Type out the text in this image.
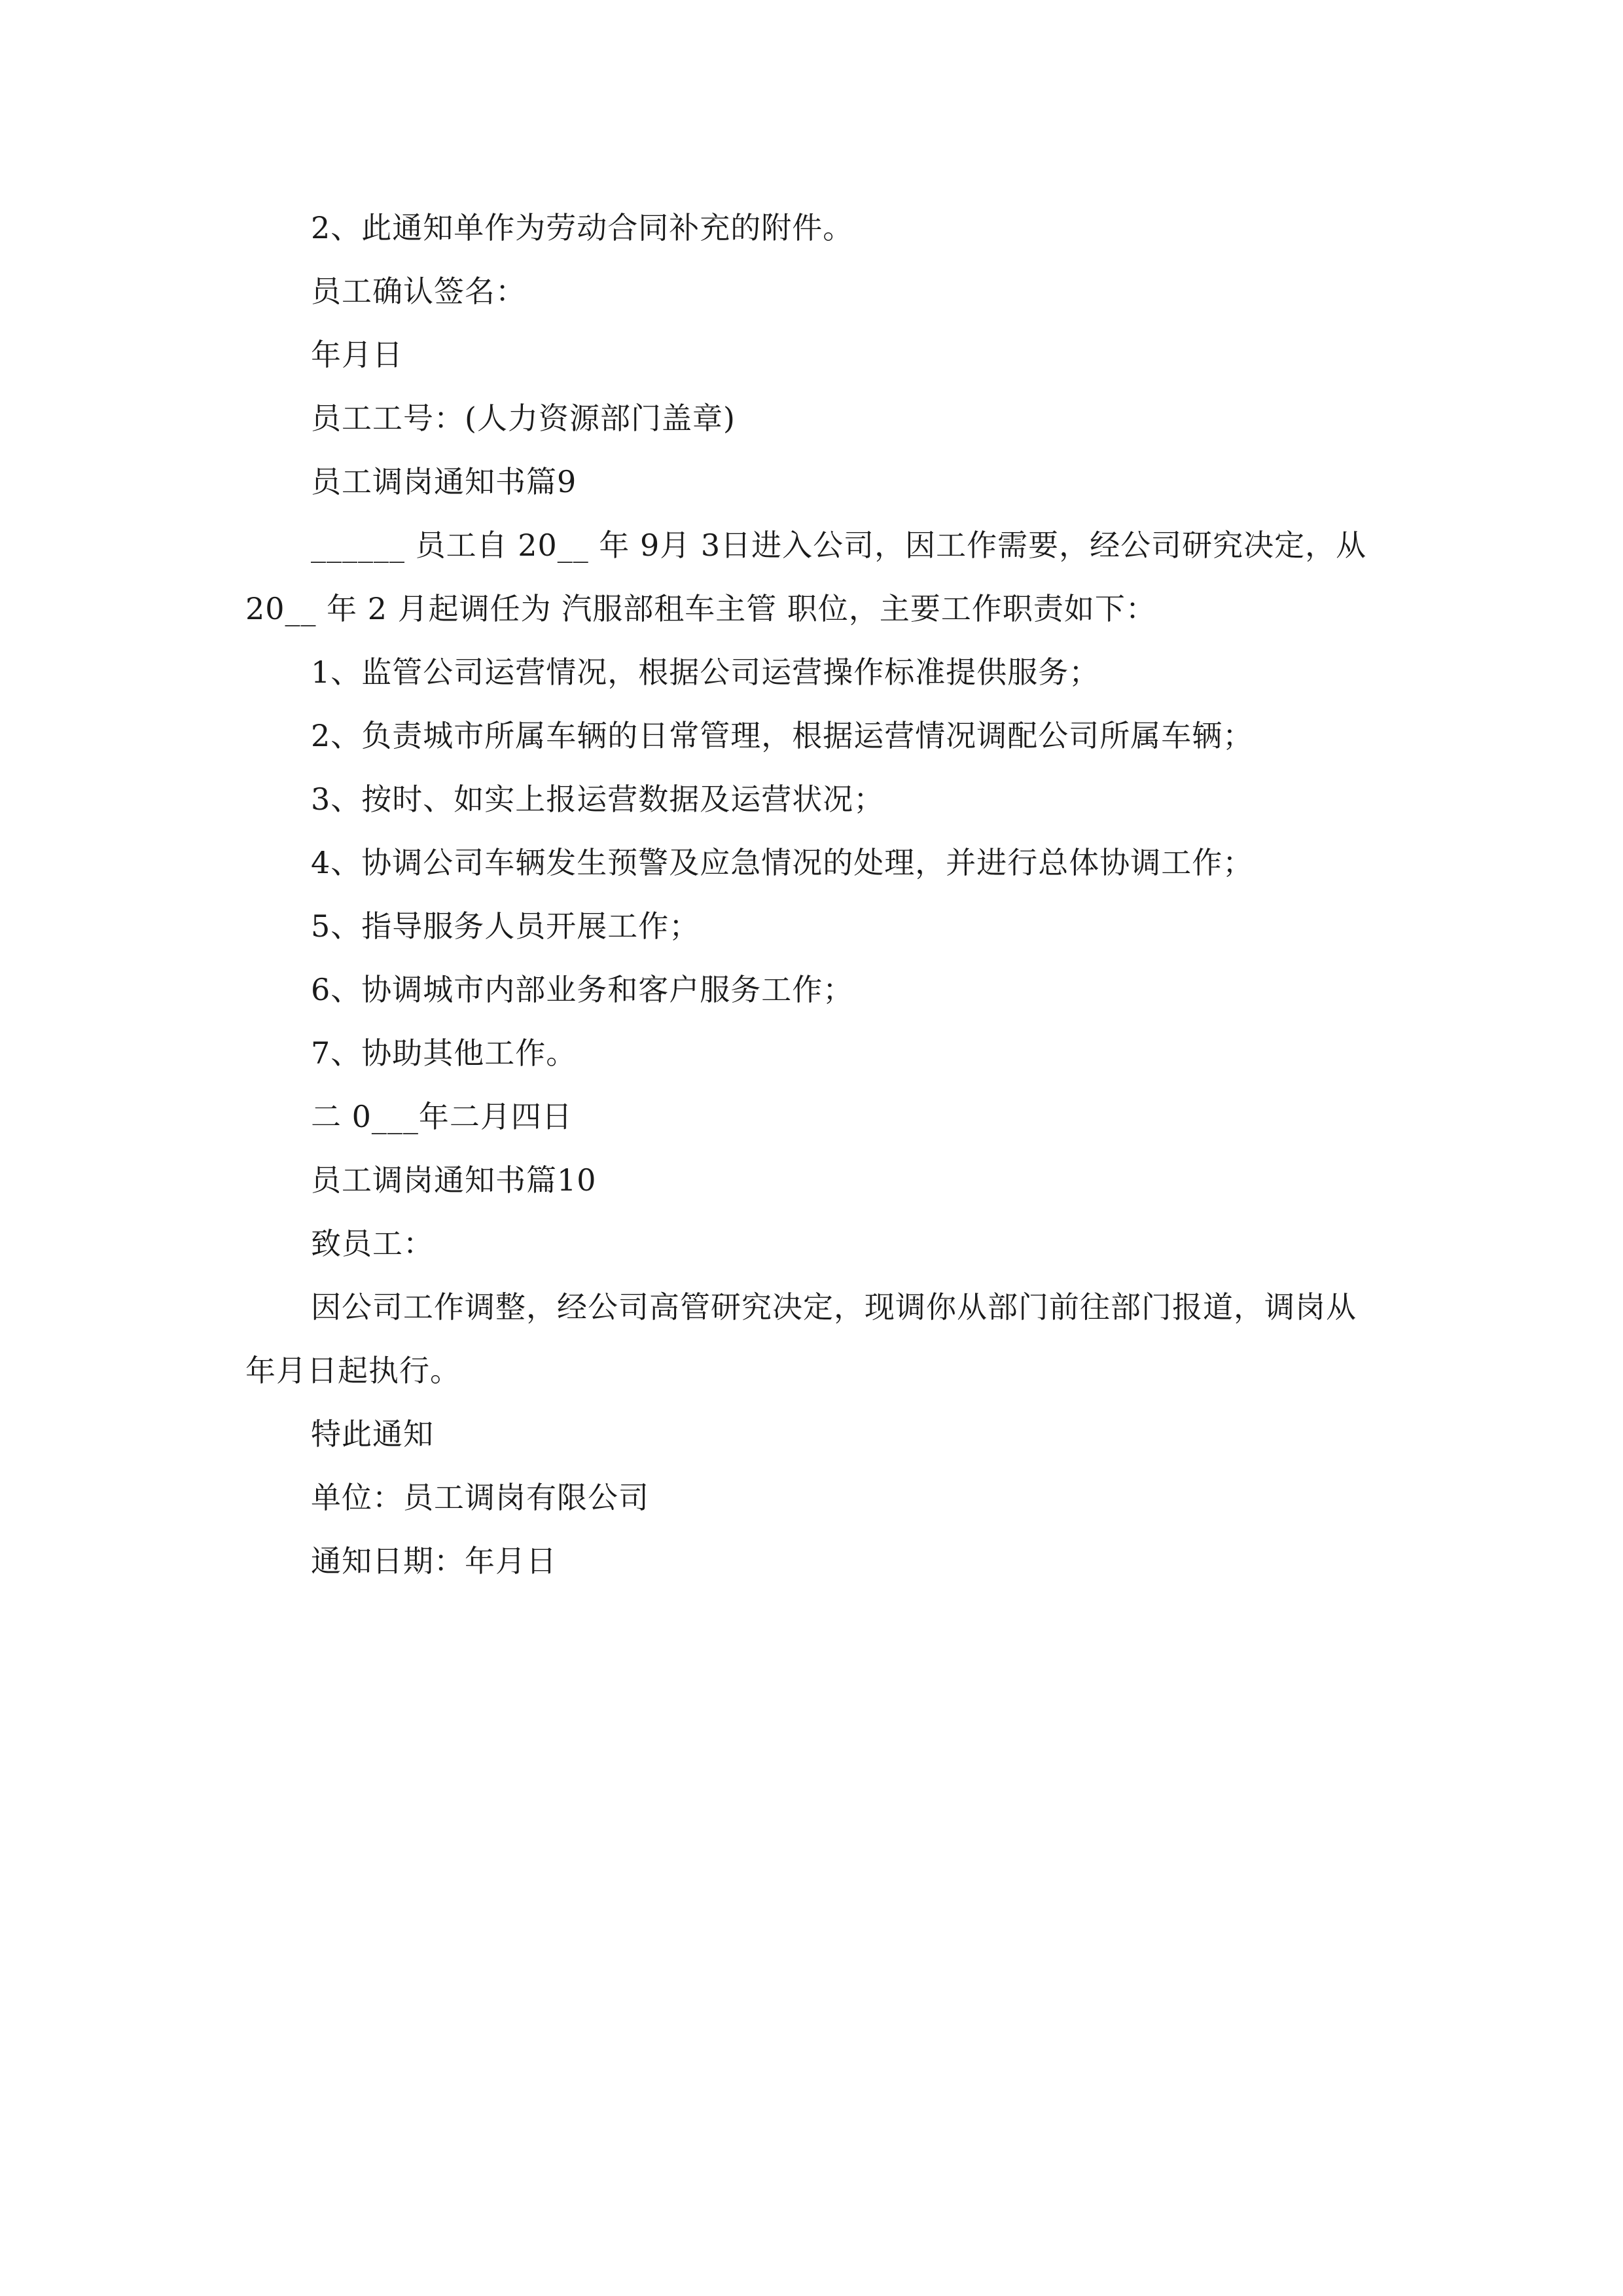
2、此通知单作为劳动合同补充的附件。

员工确认签名：

年月日

员工工号：(人力资源部门盖章)

员工调岗通知书篇9

______ 员工自 20__ 年 9月 3日进入公司，因工作需要，经公司研究决定，从 20__ 年 2 月起调任为 汽服部租车主管 职位，主要工作职责如下：

1、监管公司运营情况，根据公司运营操作标准提供服务；

2、负责城市所属车辆的日常管理，根据运营情况调配公司所属车辆；

3、按时、如实上报运营数据及运营状况；

4、协调公司车辆发生预警及应急情况的处理，并进行总体协调工作；

5、指导服务人员开展工作；

6、协调城市内部业务和客户服务工作；

7、协助其他工作。

二 0___年二月四日

员工调岗通知书篇10

致员工：

因公司工作调整，经公司高管研究决定，现调你从部门前往部门报道，调岗从年月日起执行。

特此通知

单位：员工调岗有限公司

通知日期：年月日
